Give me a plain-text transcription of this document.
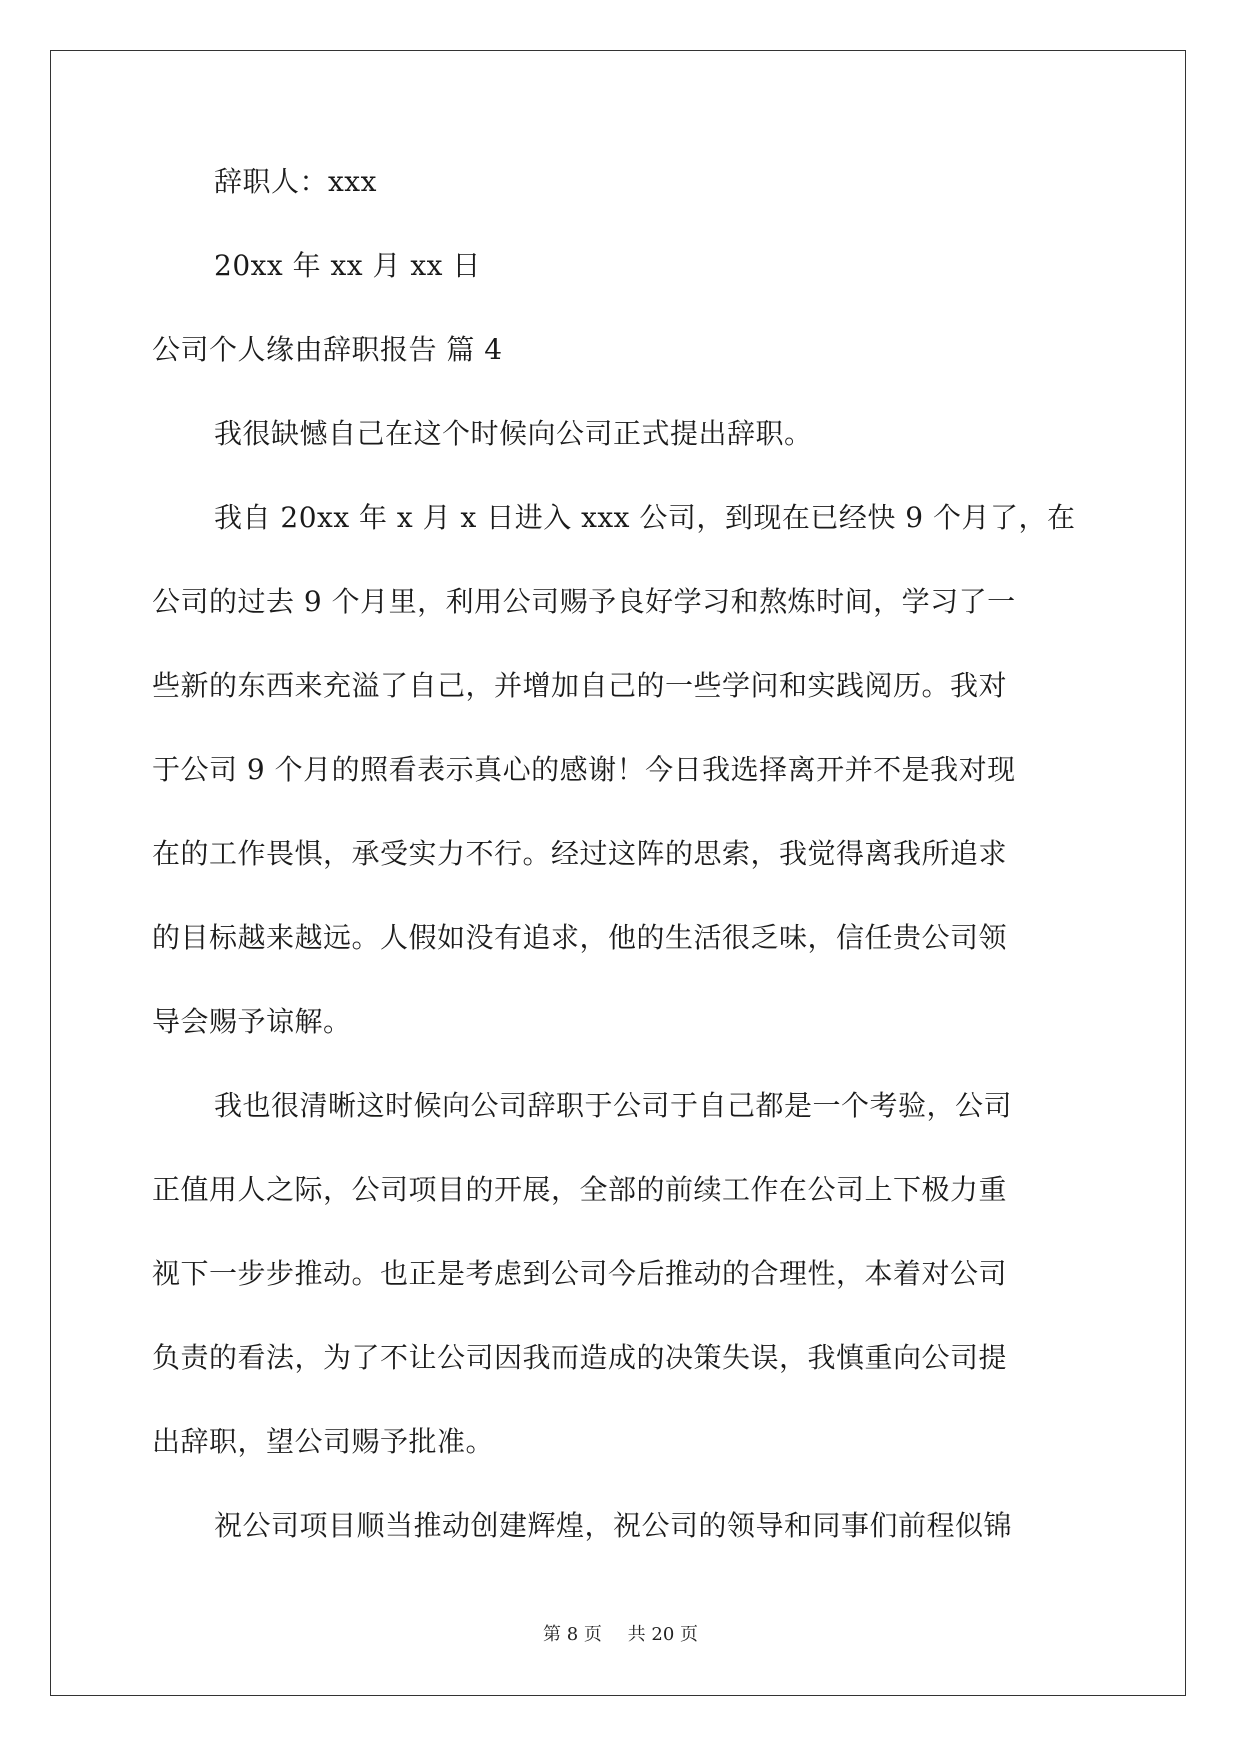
辞职人：xxx
20xx 年 xx 月 xx 日
公司个人缘由辞职报告 篇 4
我很缺憾自己在这个时候向公司正式提出辞职。
我自 20xx 年 x 月 x 日进入 xxx 公司，到现在已经快 9 个月了，在
公司的过去 9 个月里，利用公司赐予良好学习和熬炼时间，学习了一
些新的东西来充溢了自己，并增加自己的一些学问和实践阅历。我对
于公司 9 个月的照看表示真心的感谢！今日我选择离开并不是我对现
在的工作畏惧，承受实力不行。经过这阵的思索，我觉得离我所追求
的目标越来越远。人假如没有追求，他的生活很乏味，信任贵公司领
导会赐予谅解。
我也很清晰这时候向公司辞职于公司于自己都是一个考验，公司
正值用人之际，公司项目的开展，全部的前续工作在公司上下极力重
视下一步步推动。也正是考虑到公司今后推动的合理性，本着对公司
负责的看法，为了不让公司因我而造成的决策失误，我慎重向公司提
出辞职，望公司赐予批准。
祝公司项目顺当推动创建辉煌，祝公司的领导和同事们前程似锦
第 8 页 共 20 页
